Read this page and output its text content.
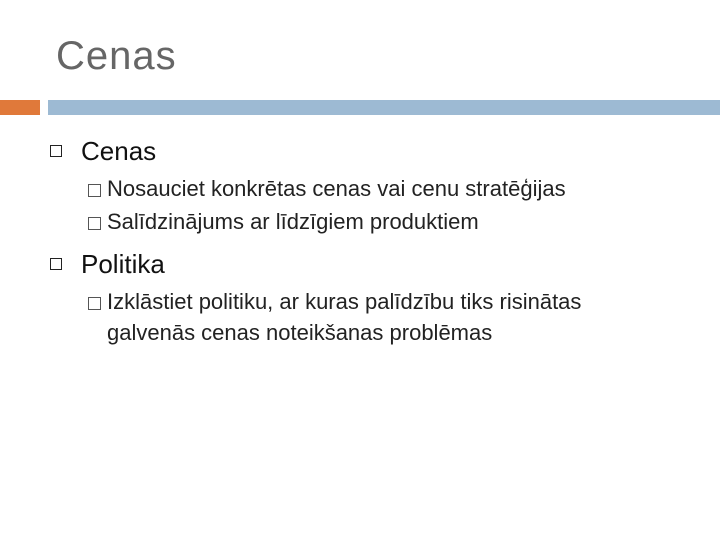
Cenas
Cenas
Nosauciet konkrētas cenas vai cenu stratēģijas
Salīdzinājums ar līdzīgiem produktiem
Politika
Izklāstiet politiku, ar kuras palīdzību tiks risinātas
galvenās cenas noteikšanas problēmas
